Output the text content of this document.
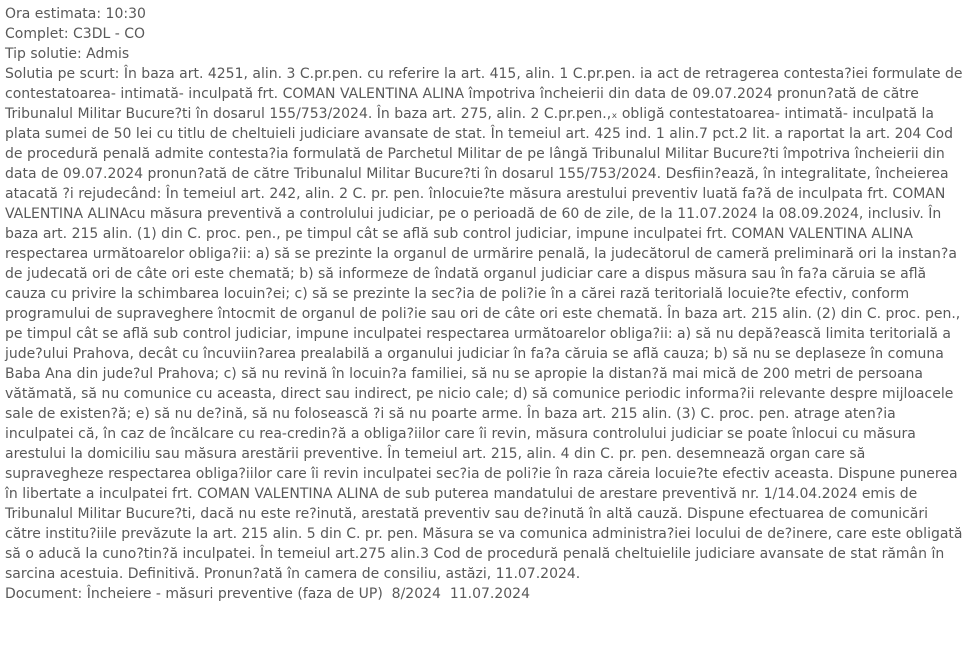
Ora estimata: 10:30
Complet: C3DL - CO
Tip solutie: Admis
Solutia pe scurt: În baza art. 4251, alin. 3 C.pr.pen. cu referire la art. 415, alin. 1 C.pr.pen. ia act de retragerea contesta?iei formulate de contestatoarea- intimată- inculpată frt. COMAN VALENTINA ALINA împotriva încheierii din data de 09.07.2024 pronun?ată de către Tribunalul Militar Bucure?ti în dosarul 155/753/2024. În baza art. 275, alin. 2 C.pr.pen.,ₓ obligă contestatoarea- intimată- inculpată la plata sumei de 50 lei cu titlu de cheltuieli judiciare avansate de stat. În temeiul art. 425 ind. 1 alin.7 pct.2 lit. a raportat la art. 204 Cod de procedură penală admite contesta?ia formulată de Parchetul Militar de pe lângă Tribunalul Militar Bucure?ti împotriva încheierii din data de 09.07.2024 pronun?ată de către Tribunalul Militar Bucure?ti în dosarul 155/753/2024. Desfiin?ează, în integralitate, încheierea atacată ?i rejudecând: În temeiul art. 242, alin. 2 C. pr. pen. înlocuie?te măsura arestului preventiv luată fa?ă de inculpata frt. COMAN VALENTINA ALINAcu măsura preventivă a controlului judiciar, pe o perioadă de 60 de zile, de la 11.07.2024 la 08.09.2024, inclusiv. În baza art. 215 alin. (1) din C. proc. pen., pe timpul cât se află sub control judiciar, impune inculpatei frt. COMAN VALENTINA ALINA respectarea următoarelor obliga?ii: a) să se prezinte la organul de urmărire penală, la judecătorul de cameră preliminară ori la instan?a de judecată ori de câte ori este chemată; b) să informeze de îndată organul judiciar care a dispus măsura sau în fa?a căruia se află cauza cu privire la schimbarea locuin?ei; c) să se prezinte la sec?ia de poli?ie în a cărei rază teritorială locuie?te efectiv, conform programului de supraveghere întocmit de organul de poli?ie sau ori de câte ori este chemată. În baza art. 215 alin. (2) din C. proc. pen., pe timpul cât se află sub control judiciar, impune inculpatei respectarea următoarelor obliga?ii: a) să nu depă?ească limita teritorială a jude?ului Prahova, decât cu încuviin?area prealabilă a organului judiciar în fa?a căruia se află cauza; b) să nu se deplaseze în comuna Baba Ana din jude?ul Prahova; c) să nu revină în locuin?a familiei, să nu se apropie la distan?ă mai mică de 200 metri de persoana vătămată, să nu comunice cu aceasta, direct sau indirect, pe nicio cale; d) să comunice periodic informa?ii relevante despre mijloacele sale de existen?ă; e) să nu de?ină, să nu folosească ?i să nu poarte arme. În baza art. 215 alin. (3) C. proc. pen. atrage aten?ia inculpatei că, în caz de încălcare cu rea-credin?ă a obliga?iilor care îi revin, măsura controlului judiciar se poate înlocui cu măsura arestului la domiciliu sau măsura arestării preventive. În temeiul art. 215, alin. 4 din C. pr. pen. desemnează organ care să supravegheze respectarea obliga?iilor care îi revin inculpatei sec?ia de poli?ie în raza căreia locuie?te efectiv aceasta. Dispune punerea în libertate a inculpatei frt. COMAN VALENTINA ALINA de sub puterea mandatului de arestare preventivă nr. 1/14.04.2024 emis de Tribunalul Militar Bucure?ti, dacă nu este re?inută, arestată preventiv sau de?inută în altă cauză. Dispune efectuarea de comunicări către institu?iile prevăzute la art. 215 alin. 5 din C. pr. pen. Măsura se va comunica administra?iei locului de de?inere, care este obligată să o aducă la cuno?tin?ă inculpatei. În temeiul art.275 alin.3 Cod de procedură penală cheltuielile judiciare avansate de stat rămân în sarcina acestuia. Definitivă. Pronun?ată în camera de consiliu, astăzi, 11.07.2024.
Document: Încheiere - măsuri preventive (faza de UP)  8/2024  11.07.2024
